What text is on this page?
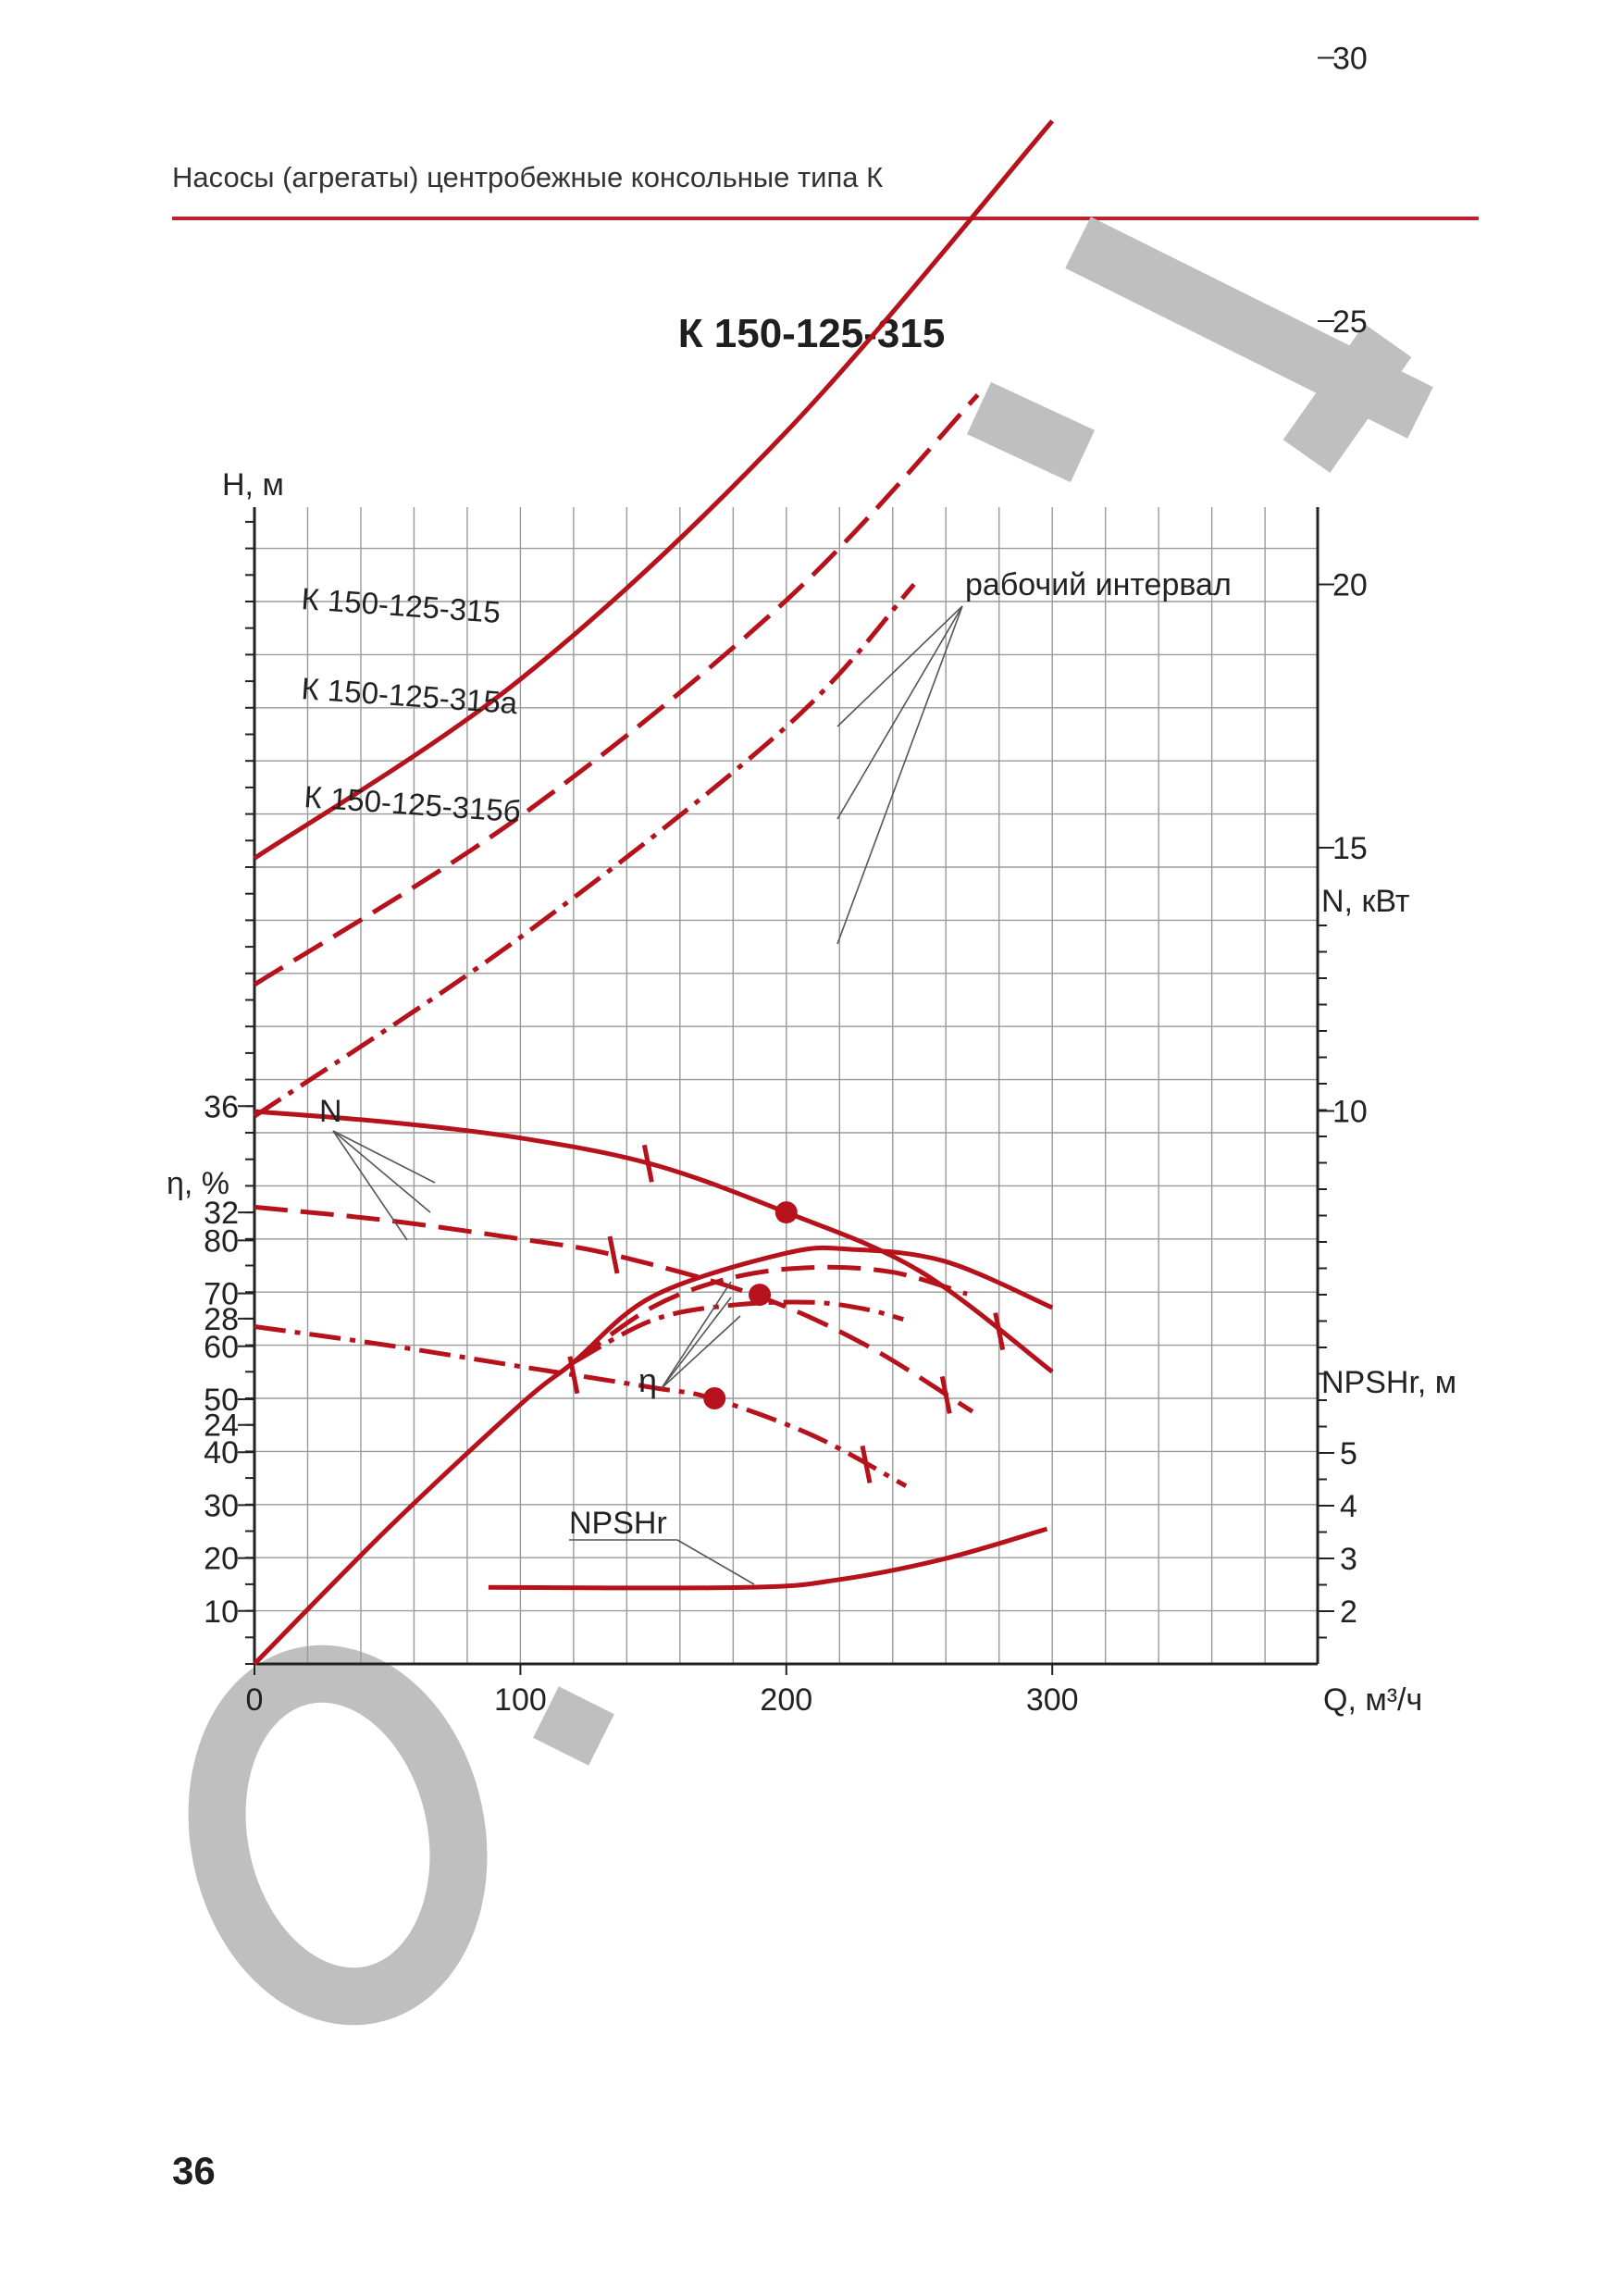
Насосы (агрегаты) центробежные консольные типа К
К 150-125-315
0	100	200	300	Q, м³/ч
24
28
32
36
H, м
10
20
30
40
50
60
70
80
η, %
10
15
20
25
30
N, кВт
2
3
4
5
NPSHr, м
К 150-125-315
К 150-125-315а
К 150-125-315б
рабочий интервал
N
η
NPSHr
36
